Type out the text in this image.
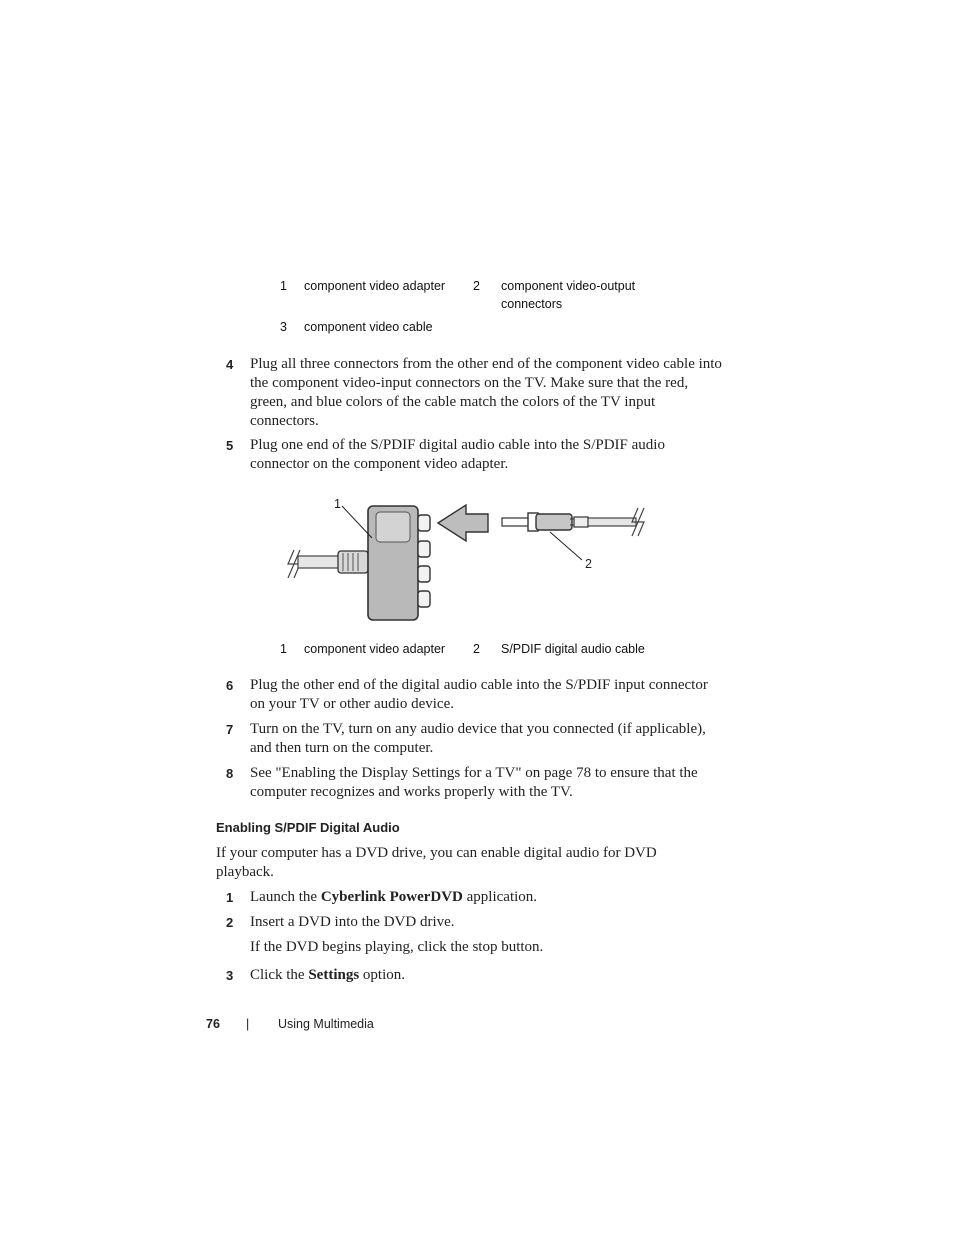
1 component video adapter	2 component video-output connectors
3 component video cable
4 Plug all three connectors from the other end of the component video cable into the component video-input connectors on the TV. Make sure that the red, green, and blue colors of the cable match the colors of the TV input connectors.
5 Plug one end of the S/PDIF digital audio cable into the S/PDIF audio connector on the component video adapter.
1
2
1 component video adapter 2 S/PDIF digital audio cable
6 Plug the other end of the digital audio cable into the S/PDIF input connector on your TV or other audio device.
7 Turn on the TV, turn on any audio device that you connected (if applicable), and then turn on the computer.
8 See "Enabling the Display Settings for a TV" on page 78 to ensure that the computer recognizes and works properly with the TV.
Enabling S/PDIF Digital Audio
If your computer has a DVD drive, you can enable digital audio for DVD playback.
1 Launch the Cyberlink PowerDVD application.
2 Insert a DVD into the DVD drive.
If the DVD begins playing, click the stop button.
3 Click the Settings option.
76 | Using Multimedia
